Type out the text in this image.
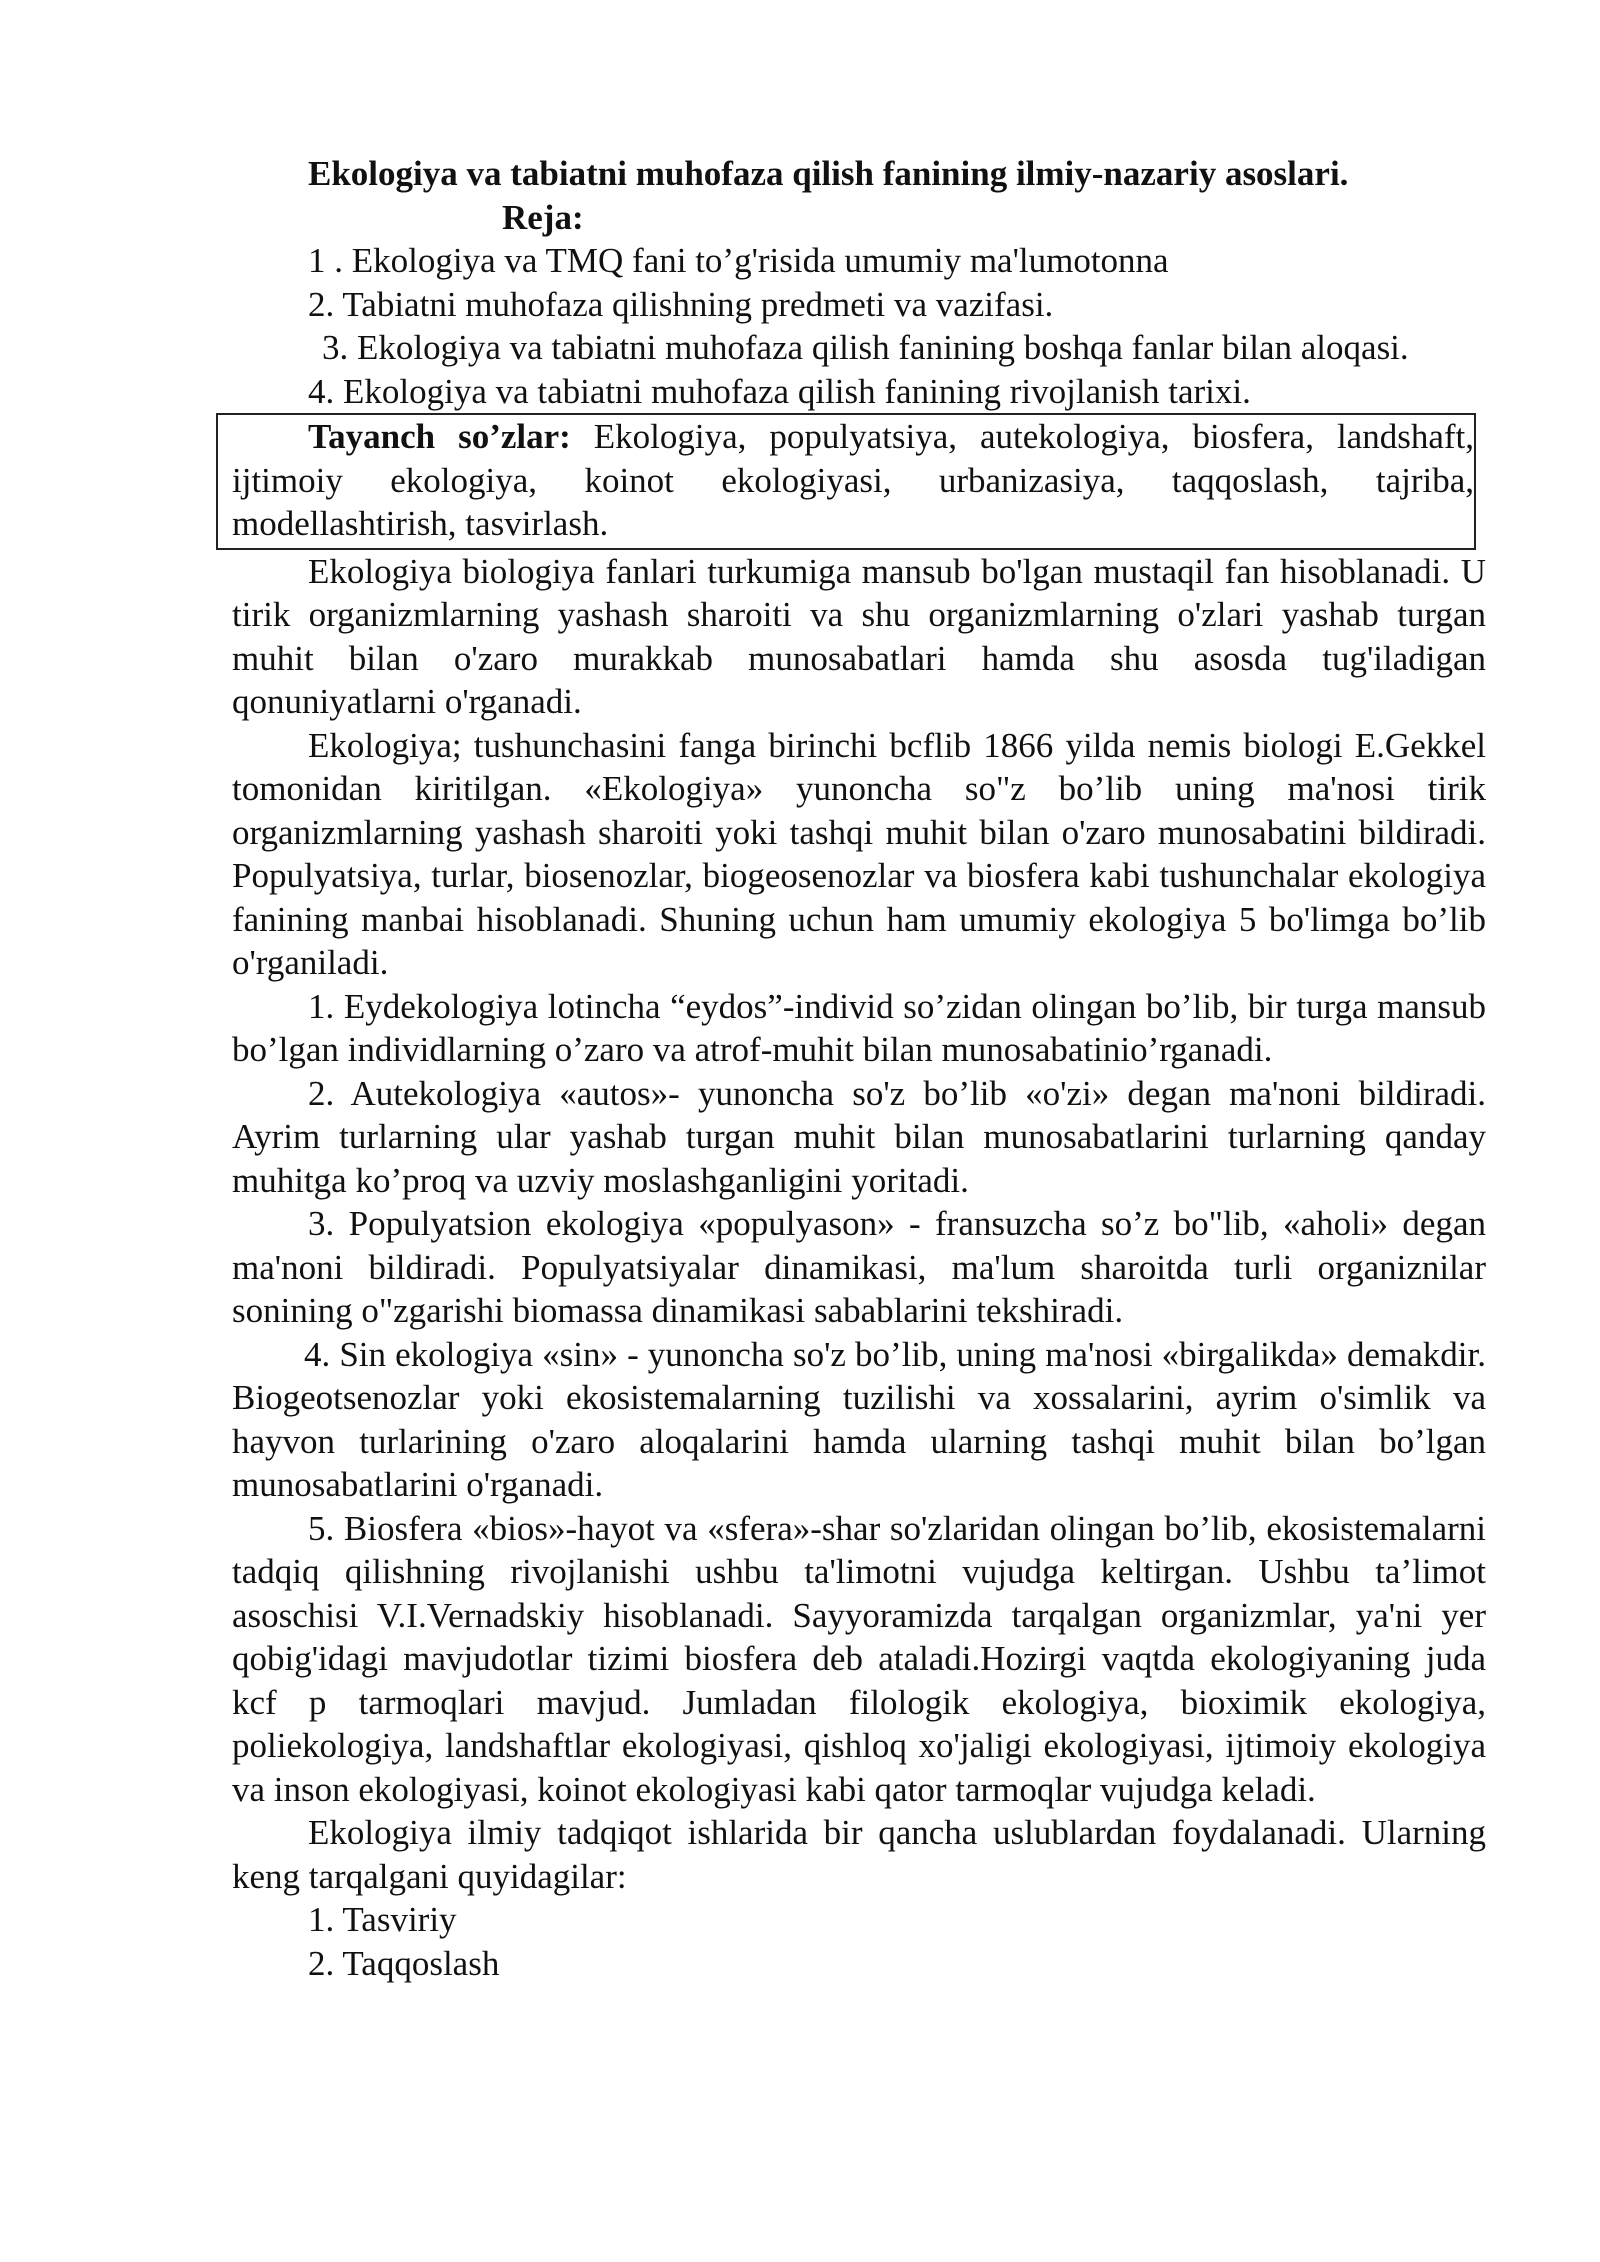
Ekologiya va tabiatni muhofaza qilish fanining ilmiy-nazariy asoslari.
Reja:
1 . Ekologiya va TMQ fani to’g'risida umumiy ma'lumotonna
2. Tabiatni muhofaza qilishning predmeti va vazifasi.
3. Ekologiya va tabiatni muhofaza qilish fanining boshqa fanlar bilan aloqasi.
4. Ekologiya va tabiatni muhofaza qilish fanining rivojlanish tarixi.
Tayanch so’zlar: Ekologiya, populyatsiya, autekologiya, biosfera, landshaft, ijtimoiy ekologiya, koinot ekologiyasi, urbanizasiya, taqqoslash, tajriba, modellashtirish, tasvirlash.
Ekologiya biologiya fanlari turkumiga mansub bo'lgan mustaqil fan hisoblanadi. U tirik organizmlarning yashash sharoiti va shu organizmlarning o'zlari yashab turgan muhit bilan o'zaro murakkab munosabatlari hamda shu asosda tug'iladigan qonuniyatlarni o'rganadi.
Ekologiya; tushunchasini fanga birinchi bcflib 1866 yilda nemis biologi E.Gekkel tomonidan kiritilgan. «Ekologiya» yunoncha so"z bo’lib uning ma'nosi tirik organizmlarning yashash sharoiti yoki tashqi muhit bilan o'zaro munosabatini bildiradi. Populyatsiya, turlar, biosenozlar, biogeosenozlar va biosfera kabi tushunchalar ekologiya fanining manbai hisoblanadi. Shuning uchun ham umumiy ekologiya 5 bo'limga bo’lib o'rganiladi.
1. Eydekologiya lotincha “eydos”-individ so’zidan olingan bo’lib, bir turga mansub bo’lgan individlarning o’zaro va atrof-muhit bilan munosabatinio’rganadi.
2. Autekologiya «autos»- yunoncha so'z bo’lib «o'zi» degan ma'noni bildiradi. Ayrim turlarning ular yashab turgan muhit bilan munosabatlarini turlarning qanday muhitga ko’proq va uzviy moslashganligini yoritadi.
3. Populyatsion ekologiya «populyason» - fransuzcha so’z bo"lib, «aholi» degan ma'noni bildiradi. Populyatsiyalar dinamikasi, ma'lum sharoitda turli organiznilar sonining o"zgarishi biomassa dinamikasi sabablarini tekshiradi.
4. Sin ekologiya «sin» - yunoncha so'z bo’lib, uning ma'nosi «birgalikda» demakdir. Biogeotsenozlar yoki ekosistemalarning tuzilishi va xossalarini, ayrim o'simlik va hayvon turlarining o'zaro aloqalarini hamda ularning tashqi muhit bilan bo’lgan munosabatlarini o'rganadi.
5. Biosfera «bios»-hayot va «sfera»-shar so'zlaridan olingan bo’lib, ekosistemalarni tadqiq qilishning rivojlanishi ushbu ta'limotni vujudga keltirgan. Ushbu ta’limot asoschisi V.I.Vernadskiy hisoblanadi. Sayyoramizda tarqalgan organizmlar, ya'ni yer qobig'idagi mavjudotlar tizimi biosfera deb ataladi.Hozirgi vaqtda ekologiyaning juda kcf p tarmoqlari mavjud. Jumladan filologik ekologiya, bioximik ekologiya, poliekologiya, landshaftlar ekologiyasi, qishloq xo'jaligi ekologiyasi, ijtimoiy ekologiya va inson ekologiyasi, koinot ekologiyasi kabi qator tarmoqlar vujudga keladi.
Ekologiya ilmiy tadqiqot ishlarida bir qancha uslublardan foydalanadi. Ularning keng tarqalgani quyidagilar:
1. Tasviriy
2. Taqqoslash
